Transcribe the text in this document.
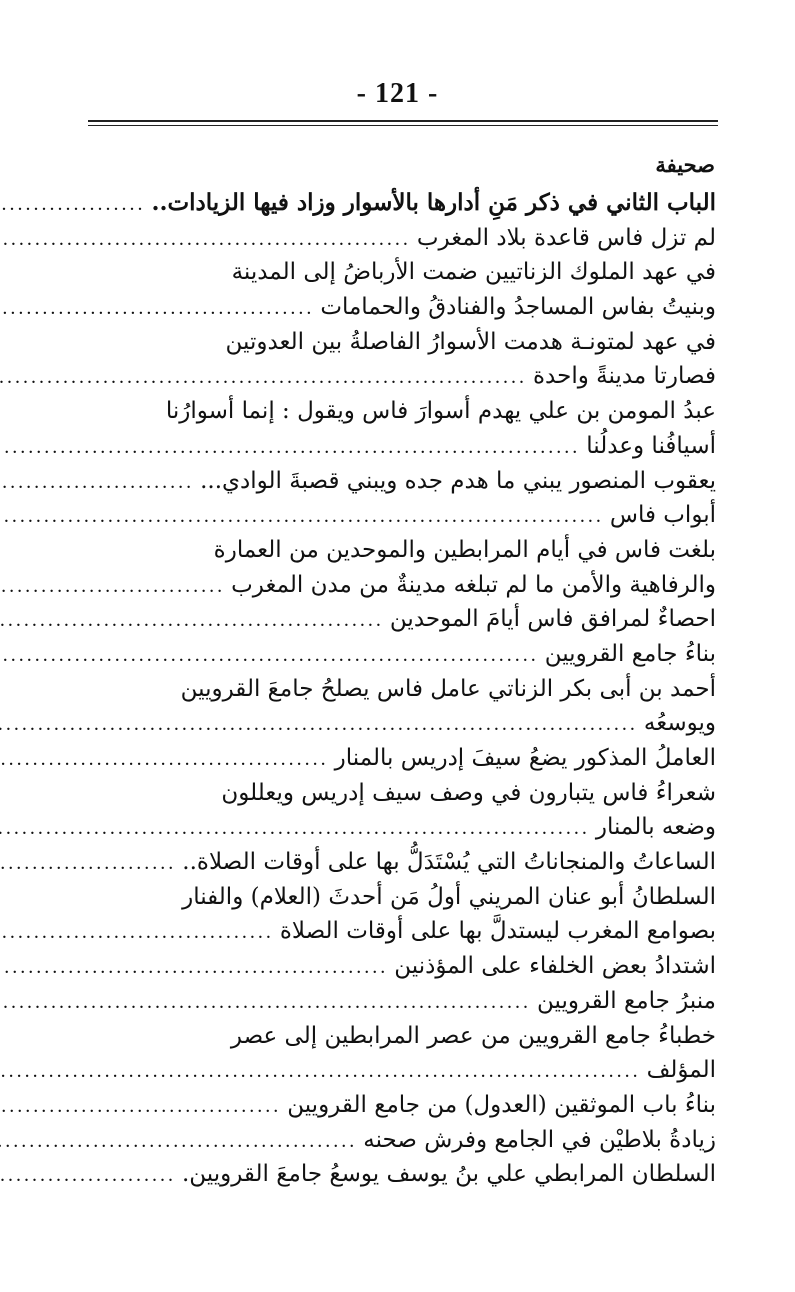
- 121 -
صحيفة
الباب الثاني في ذكر مَنِ أدارها بالأسوار وزاد فيها الزيادات..
.....
لم تزل فاس قاعدة بلاد المغرب
.....
في عهد الملوك الزناتيين ضمت الأرباضُ إلى المدينة
وبنيتُ بفاس المساجدُ والفنادقُ والحمامات
.....
في عهد لمتونـة هدمت الأسوارُ الفاصلةُ بين العدوتين
فصارتا مدينةً واحدة
.....
عبدُ المومن بن علي يهدم أسوارَ فاس ويقول : إنما أسوارُنا
أسيافُنا وعدلُنا
.....
يعقوب المنصور يبني ما هدم جده ويبني قصبةَ الوادي...
.....
أبواب فاس
.....
بلغت فاس في أيام المرابطين والموحدين من العمارة
والرفاهية والأمن ما لم تبلغه مدينةٌ من مدن المغرب
.....
احصاءٌ لمرافق فاس أيامَ الموحدين
.....
بناءُ جامع القرويين
.....
أحمد بن أبى بكر الزناتي عامل فاس يصلحُ جامعَ القرويين
ويوسعُه
.....
العاملُ المذكور يضعُ سيفَ إدريس بالمنار
.....
شعراءُ فاس يتبارون في وصف سيف إدريس ويعللون
وضعه بالمنار
.....
الساعاتُ والمنجاناتُ التي يُسْتَدَلُّ بها على أوقات الصلاة..
.....
السلطانُ أبو عنان المريني أولُ مَن أحدثَ (العلام) والفنار
بصوامع المغرب ليستدلَّ بها على أوقات الصلاة
.....
اشتدادُ بعض الخلفاء على المؤذنين
.....
منبرُ جامع القرويين
.....
خطباءُ جامع القرويين من عصر المرابطين إلى عصر
المؤلف
.....
بناءُ باب الموثقين (العدول) من جامع القرويين
.....
زيادةُ بلاطيْن في الجامع وفرش صحنه
.....
السلطان المرابطي علي بنُ يوسف يوسعُ جامعَ القرويين.
.....
